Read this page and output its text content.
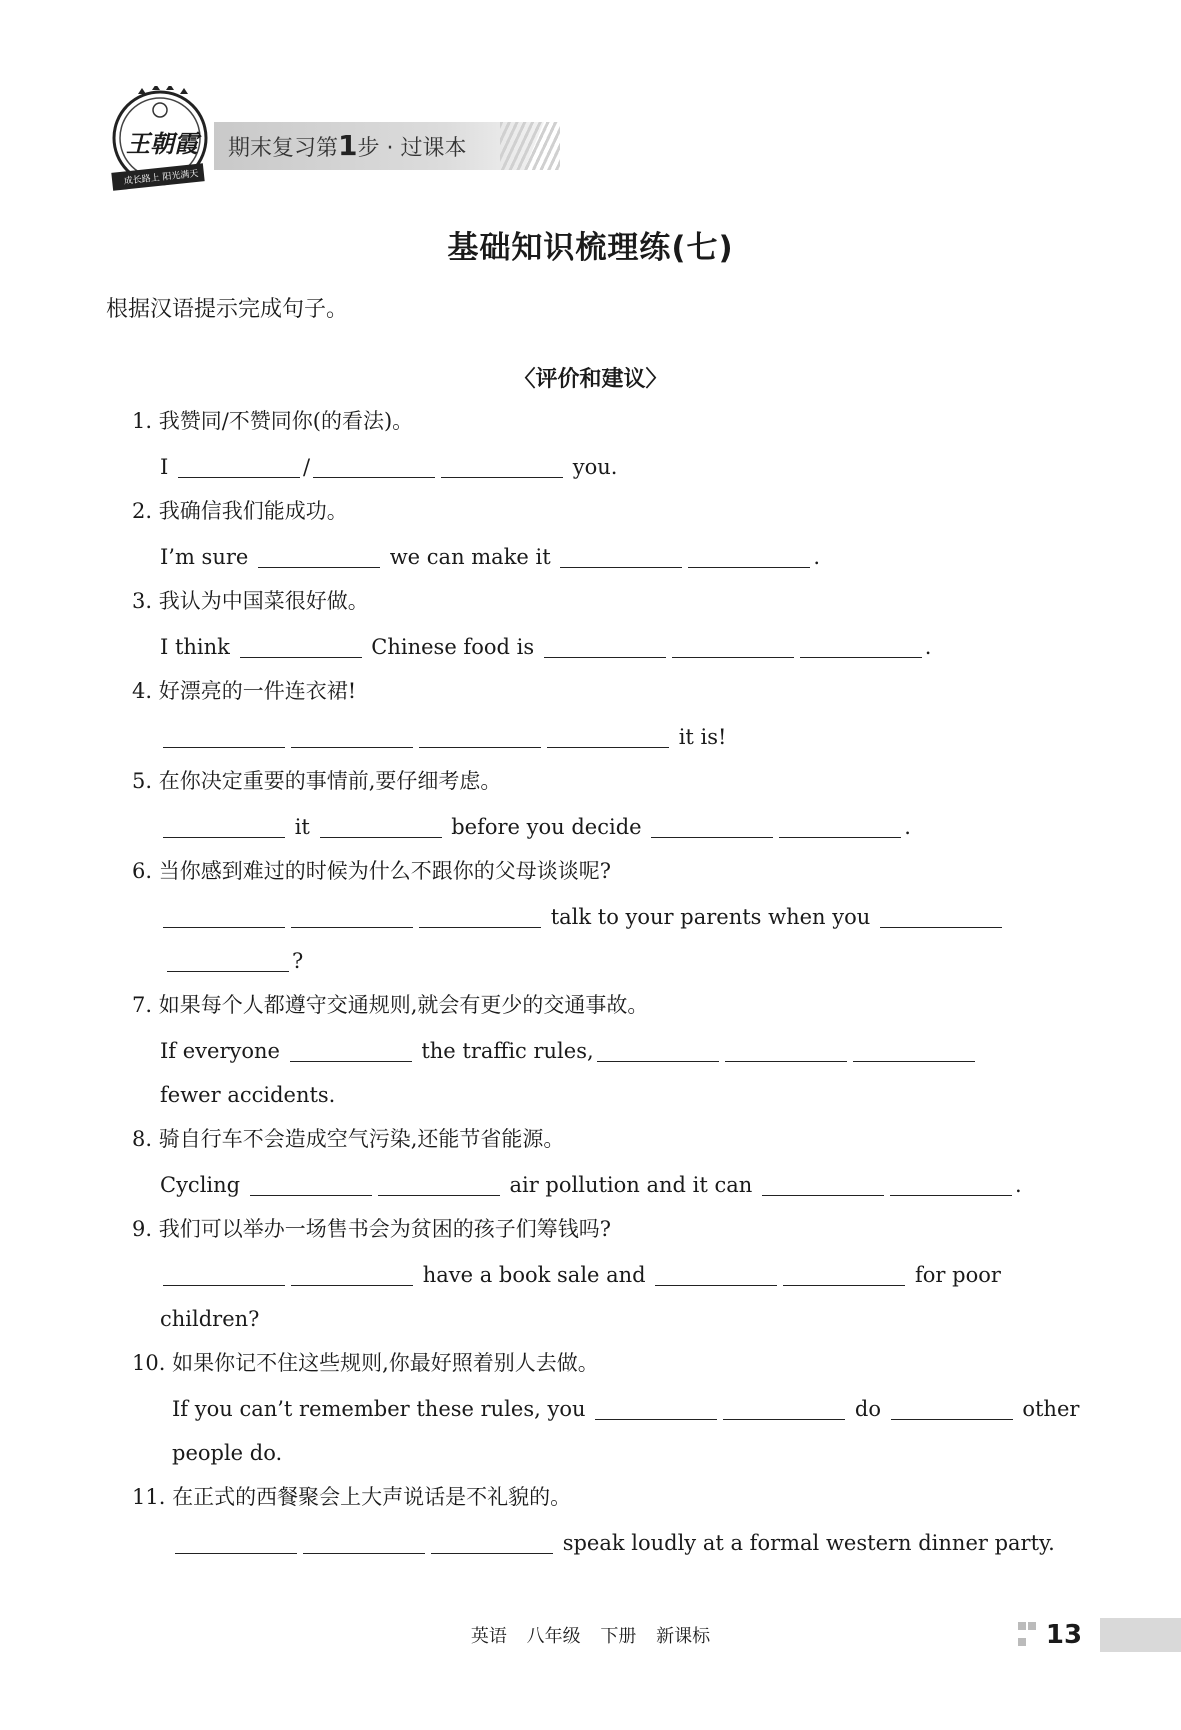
王朝霞
成长路上 阳光满天
期末复习第1步 · 过课本
基础知识梳理练(七)
根据汉语提示完成句子。
〈评价和建议〉
1. 我赞同/不赞同你(的看法)。
I	/	you.
2. 我确信我们能成功。
I’m sure	we can make it	.
3. 我认为中国菜很好做。
I think	Chinese food is	.
4. 好漂亮的一件连衣裙!
it is!
5. 在你决定重要的事情前,要仔细考虑。
it	before you decide	.
6. 当你感到难过的时候为什么不跟你的父母谈谈呢?
talk to your parents when you
?
7. 如果每个人都遵守交通规则,就会有更少的交通事故。
If everyone	the traffic rules,
fewer accidents.
8. 骑自行车不会造成空气污染,还能节省能源。
Cycling	air pollution and it can	.
9. 我们可以举办一场售书会为贫困的孩子们筹钱吗?
have a book sale and	for poor
children?
10. 如果你记不住这些规则,你最好照着别人去做。
If you can’t remember these rules, you	do	other
people do.
11. 在正式的西餐聚会上大声说话是不礼貌的。
speak loudly at a formal western dinner party.
英语 八年级 下册 新课标	13
